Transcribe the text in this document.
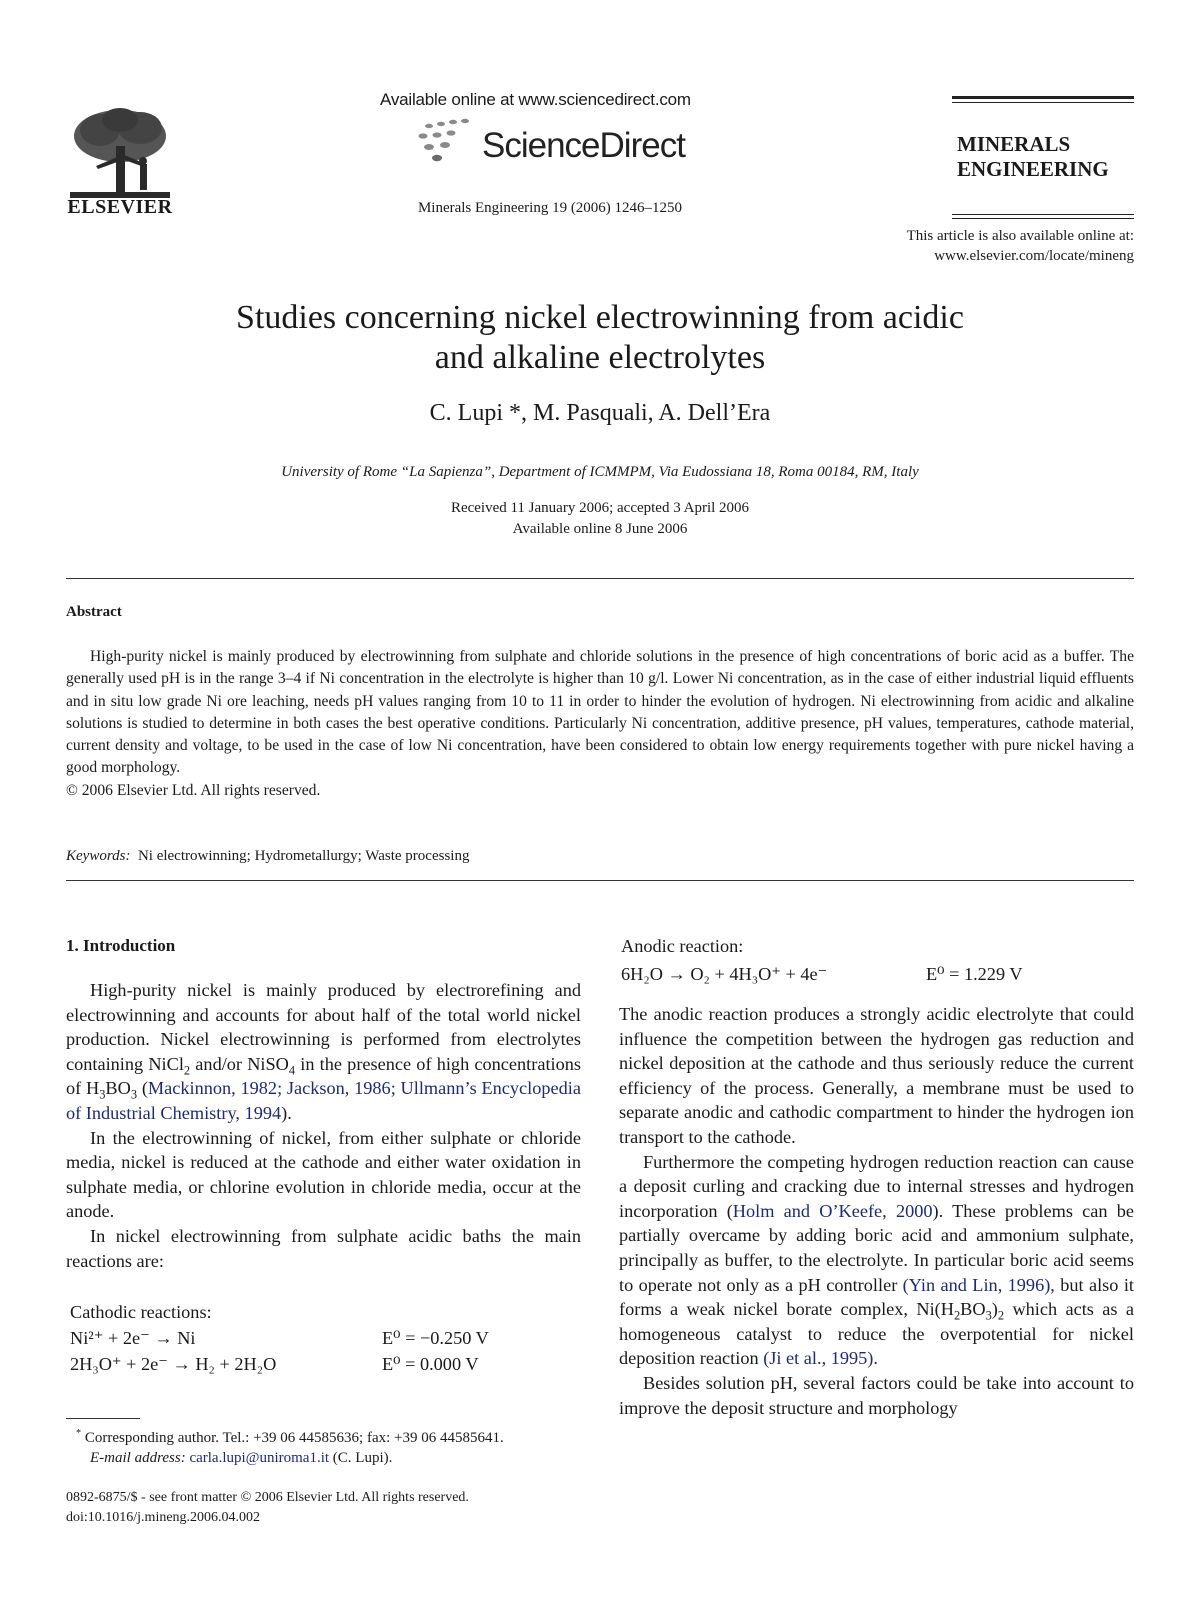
ELSEVIER
Available online at www.sciencedirect.com
ScienceDirect
Minerals Engineering 19 (2006) 1246–1250
MINERALS ENGINEERING
This article is also available online at:
www.elsevier.com/locate/mineng
Studies concerning nickel electrowinning from acidic
and alkaline electrolytes
C. Lupi *, M. Pasquali, A. Dell’Era
University of Rome “La Sapienza”, Department of ICMMPM, Via Eudossiana 18, Roma 00184, RM, Italy
Received 11 January 2006; accepted 3 April 2006
Available online 8 June 2006
Abstract

High-purity nickel is mainly produced by electrowinning from sulphate and chloride solutions in the presence of high concentrations of boric acid as a buffer. The generally used pH is in the range 3–4 if Ni concentration in the electrolyte is higher than 10 g/l. Lower Ni concentration, as in the case of either industrial liquid effluents and in situ low grade Ni ore leaching, needs pH values ranging from 10 to 11 in order to hinder the evolution of hydrogen. Ni electrowinning from acidic and alkaline solutions is studied to determine in both cases the best operative conditions. Particularly Ni concentration, additive presence, pH values, temperatures, cathode material, current density and voltage, to be used in the case of low Ni concentration, have been considered to obtain low energy requirements together with pure nickel having a good morphology.

© 2006 Elsevier Ltd. All rights reserved.
Keywords: Ni electrowinning; Hydrometallurgy; Waste processing
1. Introduction

High-purity nickel is mainly produced by electrorefining and electrowinning and accounts for about half of the total world nickel production. Nickel electrowinning is performed from electrolytes containing NiCl$_2$ and/or NiSO$_4$ in the presence of high concentrations of $H_3BO_3$ (Mackinnon, 1982; Jackson, 1986; Ullmann’s Encyclopedia of Industrial Chemistry, 1994).

In the electrowinning of nickel, from either sulphate or chloride media, nickel is reduced at the cathode and either water oxidation in sulphate media, or chlorine evolution in chloride media, occur at the anode.

In nickel electrowinning from sulphate acidic baths the main reactions are:

Cathodic reactions:
Ni²⁺ + 2e⁻ → Ni	E⁰ = −0.250 V
2H₃O⁺ + 2e⁻ → H₂ + 2H₂O	E⁰ = 0.000 V
* Corresponding author. Tel.: +39 06 44585636; fax: +39 06 44585641.
E-mail address: carla.lupi@uniroma1.it (C. Lupi).
0892-6875/$ - see front matter © 2006 Elsevier Ltd. All rights reserved.
doi:10.1016/j.mineng.2006.04.002
Anodic reaction:
6H₂O → O₂ + 4H₃O⁺ + 4e⁻	E⁰ = 1.229 V

The anodic reaction produces a strongly acidic electrolyte that could influence the competition between the hydrogen gas reduction and nickel deposition at the cathode and thus seriously reduce the current efficiency of the process. Generally, a membrane must be used to separate anodic and cathodic compartment to hinder the hydrogen ion transport to the cathode.

Furthermore the competing hydrogen reduction reaction can cause a deposit curling and cracking due to internal stresses and hydrogen incorporation (Holm and O’Keefe, 2000). These problems can be partially overcame by adding boric acid and ammonium sulphate, principally as buffer, to the electrolyte. In particular boric acid seems to operate not only as a pH controller (Yin and Lin, 1996), but also it forms a weak nickel borate complex, $Ni(H_2BO_3)_2$ which acts as a homogeneous catalyst to reduce the overpotential for nickel deposition reaction (Ji et al., 1995).

Besides solution pH, several factors could be take into account to improve the deposit structure and morphology
